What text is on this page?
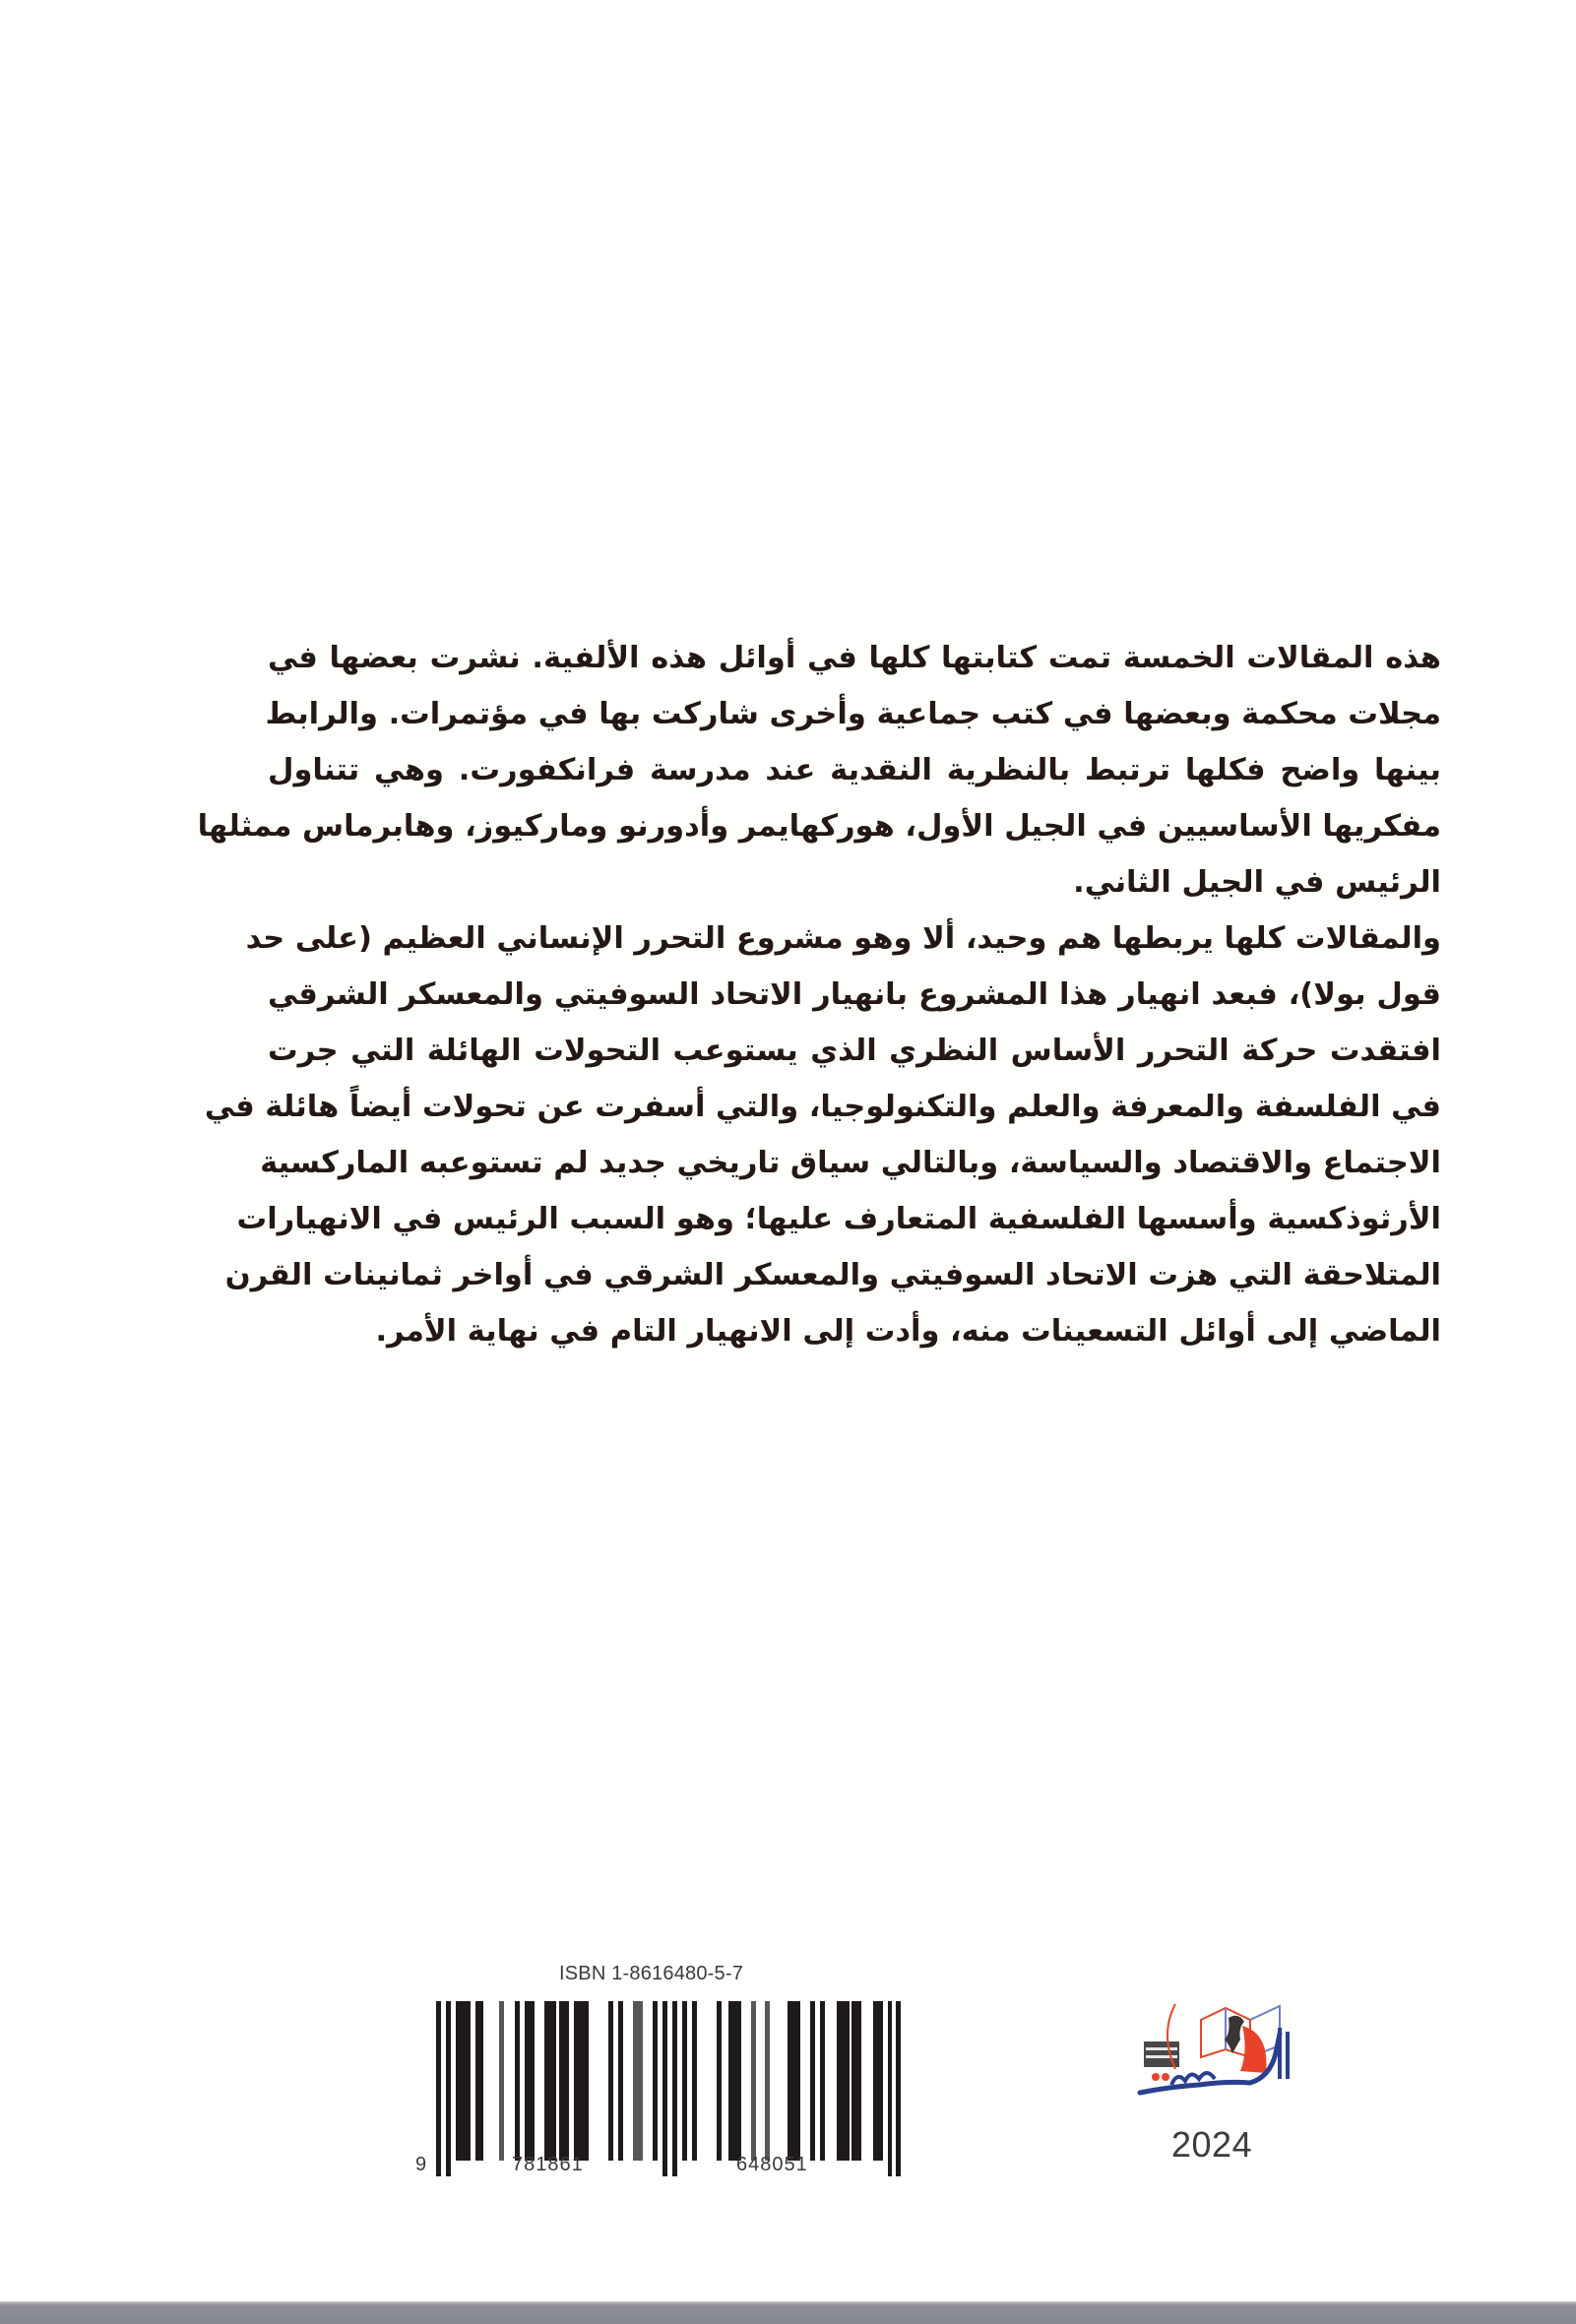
هذه المقالات الخمسة تمت كتابتها كلها في أوائل هذه الألفية. نشرت بعضها في
مجلات محكمة وبعضها في كتب جماعية وأخرى شاركت بها في مؤتمرات. والرابط
بينها واضح فكلها ترتبط بالنظرية النقدية عند مدرسة فرانكفورت. وهي تتناول
مفكريها الأساسيين في الجيل الأول، هوركهايمر وأدورنو وماركيوز، وهابرماس ممثلها
الرئيس في الجيل الثاني.

والمقالات كلها يربطها هم وحيد، ألا وهو مشروع التحرر الإنساني العظيم (على حد
قول بولا)، فبعد انهيار هذا المشروع بانهيار الاتحاد السوفيتي والمعسكر الشرقي
افتقدت حركة التحرر الأساس النظري الذي يستوعب التحولات الهائلة التي جرت
في الفلسفة والمعرفة والعلم والتكنولوجيا، والتي أسفرت عن تحولات أيضاً هائلة في
الاجتماع والاقتصاد والسياسة، وبالتالي سياق تاريخي جديد لم تستوعبه الماركسية
الأرثوذكسية وأسسها الفلسفية المتعارف عليها؛ وهو السبب الرئيس في الانهيارات
المتلاحقة التي هزت الاتحاد السوفيتي والمعسكر الشرقي في أواخر ثمانينات القرن
الماضي إلى أوائل التسعينات منه، وأدت إلى الانهيار التام في نهاية الأمر.

ISBN 1-8616480-5-7
9	781861	648051	2024
